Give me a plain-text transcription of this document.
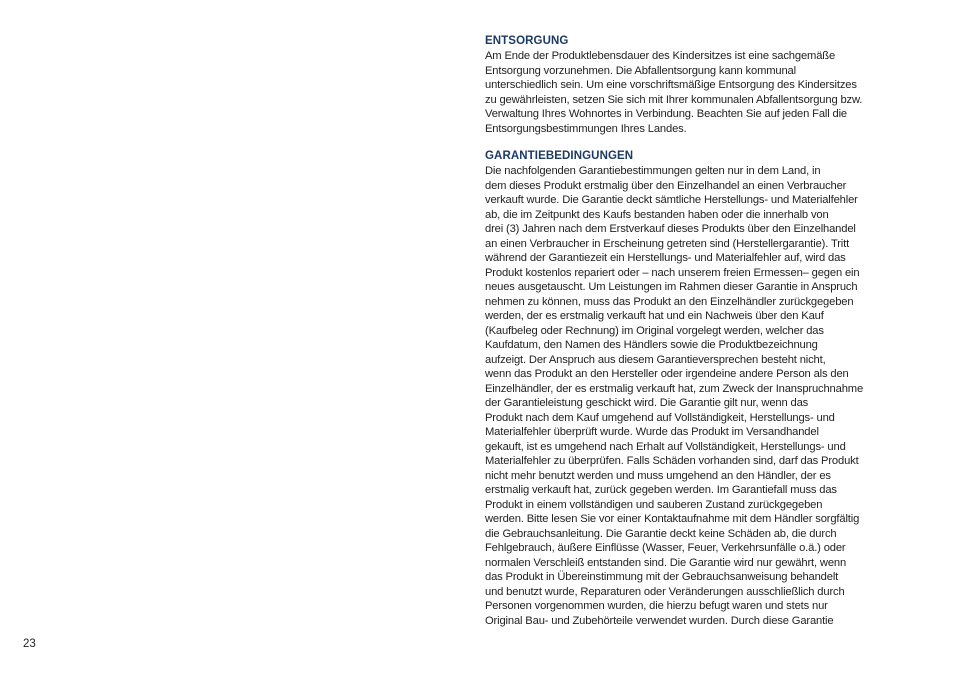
ENTSORGUNG

Am Ende der Produktlebensdauer des Kindersitzes ist eine sachgemäße
Entsorgung vorzunehmen. Die Abfallentsorgung kann kommunal
unterschiedlich sein. Um eine vorschriftsmäßige Entsorgung des Kindersitzes
zu gewährleisten, setzen Sie sich mit Ihrer kommunalen Abfallentsorgung bzw.
Verwaltung Ihres Wohnortes in Verbindung. Beachten Sie auf jeden Fall die
Entsorgungsbestimmungen Ihres Landes.

GARANTIEBEDINGUNGEN

Die nachfolgenden Garantiebestimmungen gelten nur in dem Land, in
dem dieses Produkt erstmalig über den Einzelhandel an einen Verbraucher
verkauft wurde. Die Garantie deckt sämtliche Herstellungs- und Materialfehler
ab, die im Zeitpunkt des Kaufs bestanden haben oder die innerhalb von
drei (3) Jahren nach dem Erstverkauf dieses Produkts über den Einzelhandel
an einen Verbraucher in Erscheinung getreten sind (Herstellergarantie). Tritt
während der Garantiezeit ein Herstellungs- und Materialfehler auf, wird das
Produkt kostenlos repariert oder – nach unserem freien Ermessen– gegen ein
neues ausgetauscht. Um Leistungen im Rahmen dieser Garantie in Anspruch
nehmen zu können, muss das Produkt an den Einzelhändler zurückgegeben
werden, der es erstmalig verkauft hat und ein Nachweis über den Kauf
(Kaufbeleg oder Rechnung) im Original vorgelegt werden, welcher das
Kaufdatum, den Namen des Händlers sowie die Produktbezeichnung
aufzeigt. Der Anspruch aus diesem Garantieversprechen besteht nicht,
wenn das Produkt an den Hersteller oder irgendeine andere Person als den
Einzelhändler, der es erstmalig verkauft hat, zum Zweck der Inanspruchnahme
der Garantieleistung geschickt wird. Die Garantie gilt nur, wenn das
Produkt nach dem Kauf umgehend auf Vollständigkeit, Herstellungs- und
Materialfehler überprüft wurde. Wurde das Produkt im Versandhandel
gekauft, ist es umgehend nach Erhalt auf Vollständigkeit, Herstellungs- und
Materialfehler zu überprüfen. Falls Schäden vorhanden sind, darf das Produkt
nicht mehr benutzt werden und muss umgehend an den Händler, der es
erstmalig verkauft hat, zurück gegeben werden. Im Garantiefall muss das
Produkt in einem vollständigen und sauberen Zustand zurückgegeben
werden. Bitte lesen Sie vor einer Kontaktaufnahme mit dem Händler sorgfältig
die Gebrauchsanleitung. Die Garantie deckt keine Schäden ab, die durch
Fehlgebrauch, äußere Einflüsse (Wasser, Feuer, Verkehrsunfälle o.ä.) oder
normalen Verschleiß entstanden sind. Die Garantie wird nur gewährt, wenn
das Produkt in Übereinstimmung mit der Gebrauchsanweisung behandelt
und benutzt wurde, Reparaturen oder Veränderungen ausschließlich durch
Personen vorgenommen wurden, die hierzu befugt waren und stets nur
Original Bau- und Zubehörteile verwendet wurden. Durch diese Garantie

23
